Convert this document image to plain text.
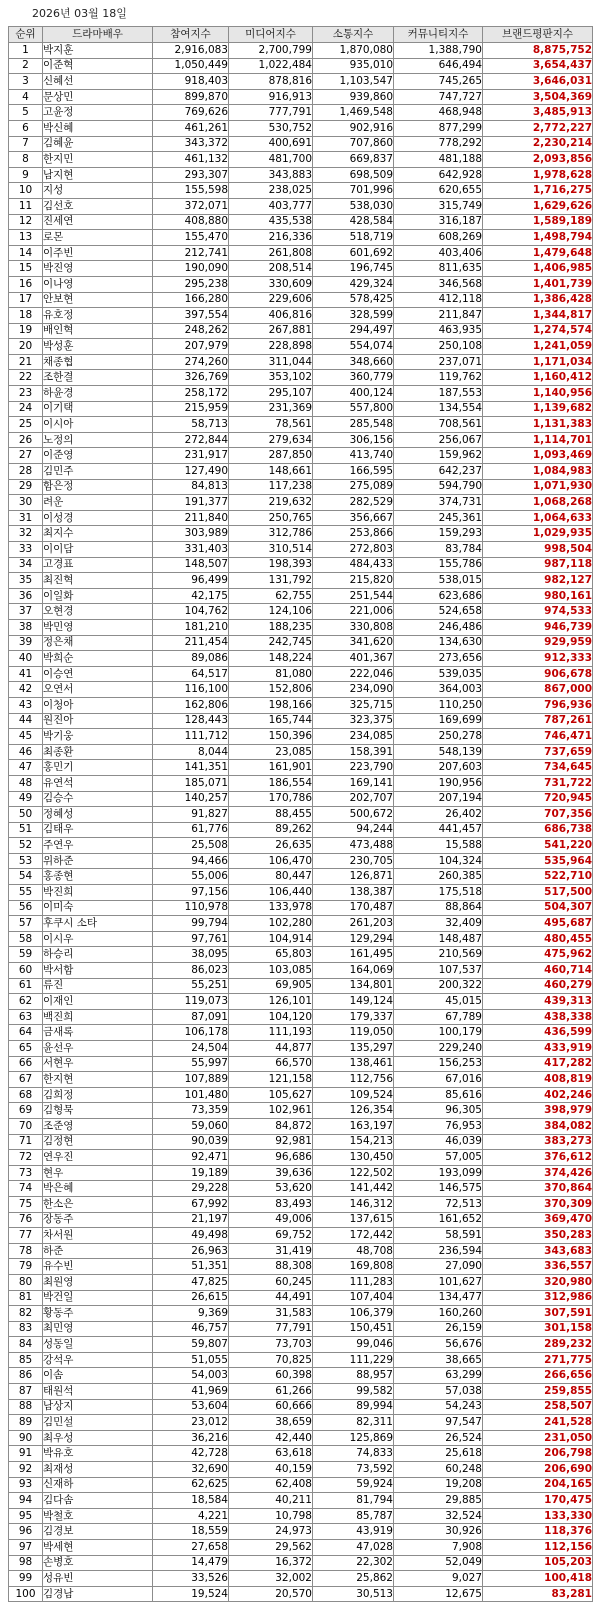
2026년 03월 18일
순위	드라마배우	참여지수	미디어지수	소통지수	커뮤니티지수	브랜드평판지수
1	박지훈	2,916,083	2,700,799	1,870,080	1,388,790	8,875,752
2	이준혁	1,050,449	1,022,484	935,010	646,494	3,654,437
3	신혜선	918,403	878,816	1,103,547	745,265	3,646,031
4	문상민	899,870	916,913	939,860	747,727	3,504,369
5	고윤정	769,626	777,791	1,469,548	468,948	3,485,913
6	박신혜	461,261	530,752	902,916	877,299	2,772,227
7	김혜윤	343,372	400,691	707,860	778,292	2,230,214
8	한지민	461,132	481,700	669,837	481,188	2,093,856
9	남지현	293,307	343,883	698,509	642,928	1,978,628
10	지성	155,598	238,025	701,996	620,655	1,716,275
11	김선호	372,071	403,777	538,030	315,749	1,629,626
12	진세연	408,880	435,538	428,584	316,187	1,589,189
13	로몬	155,470	216,336	518,719	608,269	1,498,794
14	이주빈	212,741	261,808	601,692	403,406	1,479,648
15	박진영	190,090	208,514	196,745	811,635	1,406,985
16	이나영	295,238	330,609	429,324	346,568	1,401,739
17	안보현	166,280	229,606	578,425	412,118	1,386,428
18	유호정	397,554	406,816	328,599	211,847	1,344,817
19	배인혁	248,262	267,881	294,497	463,935	1,274,574
20	박성훈	207,979	228,898	554,074	250,108	1,241,059
21	채종협	274,260	311,044	348,660	237,071	1,171,034
22	조한결	326,769	353,102	360,779	119,762	1,160,412
23	하윤경	258,172	295,107	400,124	187,553	1,140,956
24	이기택	215,959	231,369	557,800	134,554	1,139,682
25	이시아	58,713	78,561	285,548	708,561	1,131,383
26	노정의	272,844	279,634	306,156	256,067	1,114,701
27	이준영	231,917	287,850	413,740	159,962	1,093,469
28	김민주	127,490	148,661	166,595	642,237	1,084,983
29	함은정	84,813	117,238	275,089	594,790	1,071,930
30	려운	191,377	219,632	282,529	374,731	1,068,268
31	이성경	211,840	250,765	356,667	245,361	1,064,633
32	최지수	303,989	312,786	253,866	159,293	1,029,935
33	이이담	331,403	310,514	272,803	83,784	998,504
34	고경표	148,507	198,393	484,433	155,786	987,118
35	최진혁	96,499	131,792	215,820	538,015	982,127
36	이일화	42,175	62,755	251,544	623,686	980,161
37	오현경	104,762	124,106	221,006	524,658	974,533
38	박민영	181,210	188,235	330,808	246,486	946,739
39	정은채	211,454	242,745	341,620	134,630	929,959
40	박희순	89,086	148,224	401,367	273,656	912,333
41	이승연	64,517	81,080	222,046	539,035	906,678
42	오연서	116,100	152,806	234,090	364,003	867,000
43	이청아	162,806	198,166	325,715	110,250	796,936
44	원진아	128,443	165,744	323,375	169,699	787,261
45	박기웅	111,712	150,396	234,085	250,278	746,471
46	최종환	8,044	23,085	158,391	548,139	737,659
47	홍민기	141,351	161,901	223,790	207,603	734,645
48	유연석	185,071	186,554	169,141	190,956	731,722
49	김승수	140,257	170,786	202,707	207,194	720,945
50	정혜성	91,827	88,455	500,672	26,402	707,356
51	김태우	61,776	89,262	94,244	441,457	686,738
52	주연우	25,508	26,635	473,488	15,588	541,220
53	위하준	94,466	106,470	230,705	104,324	535,964
54	홍종현	55,006	80,447	126,871	260,385	522,710
55	박진희	97,156	106,440	138,387	175,518	517,500
56	이미숙	110,978	133,978	170,487	88,864	504,307
57	후쿠시 소타	99,794	102,280	261,203	32,409	495,687
58	이시우	97,761	104,914	129,294	148,487	480,455
59	하승리	38,095	65,803	161,495	210,569	475,962
60	박서함	86,023	103,085	164,069	107,537	460,714
61	류진	55,251	69,905	134,801	200,322	460,279
62	이재인	119,073	126,101	149,124	45,015	439,313
63	백진희	87,091	104,120	179,337	67,789	438,338
64	금새록	106,178	111,193	119,050	100,179	436,599
65	윤선우	24,504	44,877	135,297	229,240	433,919
66	서현우	55,997	66,570	138,461	156,253	417,282
67	한지현	107,889	121,158	112,756	67,016	408,819
68	김희정	101,480	105,627	109,524	85,616	402,246
69	김형묵	73,359	102,961	126,354	96,305	398,979
70	조준영	59,060	84,872	163,197	76,953	384,082
71	김정현	90,039	92,981	154,213	46,039	383,273
72	연우진	92,471	96,686	130,450	57,005	376,612
73	현우	19,189	39,636	122,502	193,099	374,426
74	박은혜	29,228	53,620	141,442	146,575	370,864
75	한소은	67,992	83,493	146,312	72,513	370,309
76	장동주	21,197	49,006	137,615	161,652	369,470
77	차서원	49,498	69,752	172,442	58,591	350,283
78	하준	26,963	31,419	48,708	236,594	343,683
79	유수빈	51,351	88,308	169,808	27,090	336,557
80	최원영	47,825	60,245	111,283	101,627	320,980
81	박건일	26,615	44,491	107,404	134,477	312,986
82	황동주	9,369	31,583	106,379	160,260	307,591
83	최민영	46,757	77,791	150,451	26,159	301,158
84	성동일	59,807	73,703	99,046	56,676	289,232
85	강석우	51,055	70,825	111,229	38,665	271,775
86	이솜	54,003	60,398	88,957	63,299	266,656
87	태원석	41,969	61,266	99,582	57,038	259,855
88	남상지	53,604	60,666	89,994	54,243	258,507
89	김민설	23,012	38,659	82,311	97,547	241,528
90	최우성	36,216	42,440	125,869	26,524	231,050
91	박유호	42,728	63,618	74,833	25,618	206,798
92	최재성	32,690	40,159	73,592	60,248	206,690
93	신재하	62,625	62,408	59,924	19,208	204,165
94	김다솜	18,584	40,211	81,794	29,885	170,475
95	박철호	4,221	10,798	85,787	32,524	133,330
96	김경보	18,559	24,973	43,919	30,926	118,376
97	박세현	27,658	29,562	47,028	7,908	112,156
98	손병호	14,479	16,372	22,302	52,049	105,203
99	성유빈	33,526	32,002	25,862	9,027	100,418
100	김경남	19,524	20,570	30,513	12,675	83,281
